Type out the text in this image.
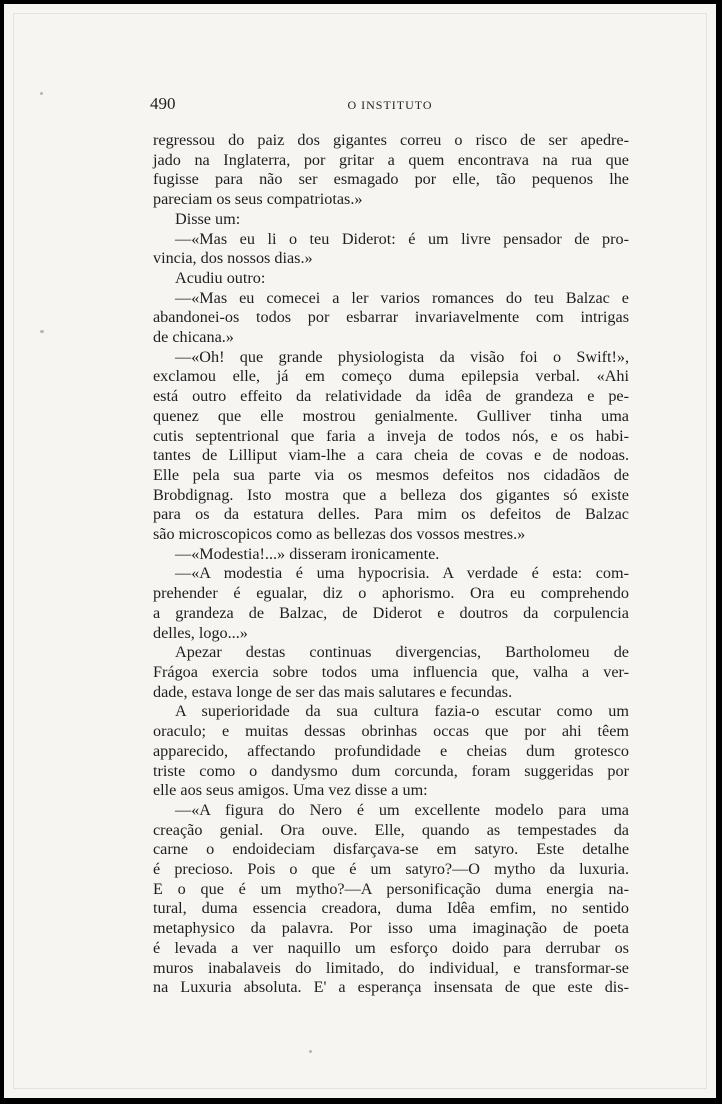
490	O INSTITUTO
regressou do paiz dos gigantes correu o risco de ser apedre-
jado na Inglaterra, por gritar a quem encontrava na rua que
fugisse para não ser esmagado por elle, tão pequenos lhe
pareciam os seus compatriotas.»
Disse um:
—«Mas eu li o teu Diderot: é um livre pensador de pro-
vincia, dos nossos dias.»
Acudiu outro:
—«Mas eu comecei a ler varios romances do teu Balzac e
abandonei-os todos por esbarrar invariavelmente com intrigas
de chicana.»
—«Oh! que grande physiologista da visão foi o Swift!»,
exclamou elle, já em começo duma epilepsia verbal. «Ahi
está outro effeito da relatividade da idêa de grandeza e pe-
quenez que elle mostrou genialmente. Gulliver tinha uma
cutis septentrional que faria a inveja de todos nós, e os habi-
tantes de Lilliput viam-lhe a cara cheia de covas e de nodoas.
Elle pela sua parte via os mesmos defeitos nos cidadãos de
Brobdignag. Isto mostra que a belleza dos gigantes só existe
para os da estatura delles. Para mim os defeitos de Balzac
são microscopicos como as bellezas dos vossos mestres.»
—«Modestia!...» disseram ironicamente.
—«A modestia é uma hypocrisia. A verdade é esta: com-
prehender é egualar, diz o aphorismo. Ora eu comprehendo
a grandeza de Balzac, de Diderot e doutros da corpulencia
delles, logo...»
Apezar destas continuas divergencias, Bartholomeu de
Frágoa exercia sobre todos uma influencia que, valha a ver-
dade, estava longe de ser das mais salutares e fecundas.
A superioridade da sua cultura fazia-o escutar como um
oraculo; e muitas dessas obrinhas occas que por ahi têem
apparecido, affectando profundidade e cheias dum grotesco
triste como o dandysmo dum corcunda, foram suggeridas por
elle aos seus amigos. Uma vez disse a um:
—«A figura do Nero é um excellente modelo para uma
creação genial. Ora ouve. Elle, quando as tempestades da
carne o endoideciam disfarçava-se em satyro. Este detalhe
é precioso. Pois o que é um satyro?—O mytho da luxuria.
E o que é um mytho?—A personificação duma energia na-
tural, duma essencia creadora, duma Idêa emfim, no sentido
metaphysico da palavra. Por isso uma imaginação de poeta
é levada a ver naquillo um esforço doido para derrubar os
muros inabalaveis do limitado, do individual, e transformar-se
na Luxuria absoluta. E' a esperança insensata de que este dis-
